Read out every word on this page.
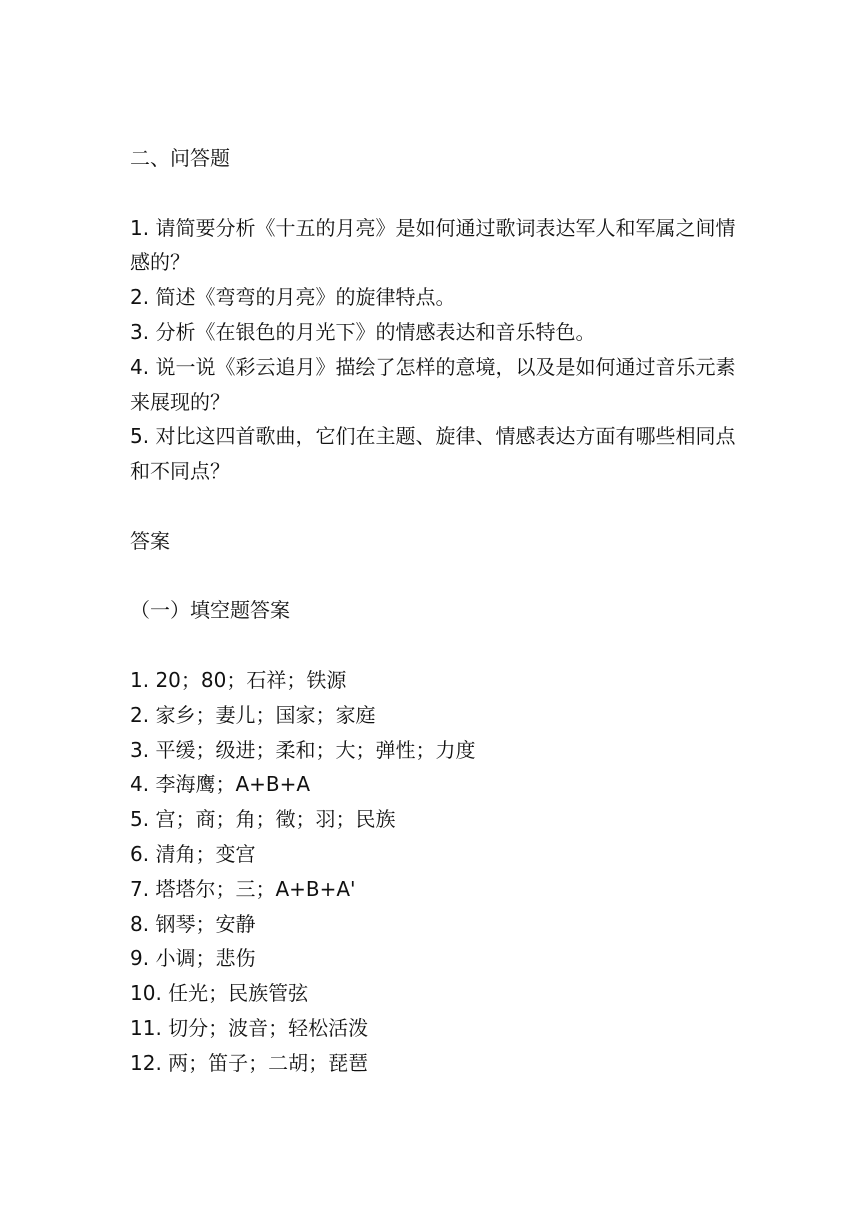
二、问答题
1. 请简要分析《十五的月亮》是如何通过歌词表达军人和军属之间情
感的？
2. 简述《弯弯的月亮》的旋律特点。
3. 分析《在银色的月光下》的情感表达和音乐特色。
4. 说一说《彩云追月》描绘了怎样的意境，以及是如何通过音乐元素
来展现的？
5. 对比这四首歌曲，它们在主题、旋律、情感表达方面有哪些相同点
和不同点？
答案
（一）填空题答案
1. 20；80；石祥；铁源
2. 家乡；妻儿；国家；家庭
3. 平缓；级进；柔和；大；弹性；力度
4. 李海鹰；A+B+A
5. 宫；商；角；徵；羽；民族
6. 清角；变宫
7. 塔塔尔；三；A+B+A'
8. 钢琴；安静
9. 小调；悲伤
10. 任光；民族管弦
11. 切分；波音；轻松活泼
12. 两；笛子；二胡；琵琶
